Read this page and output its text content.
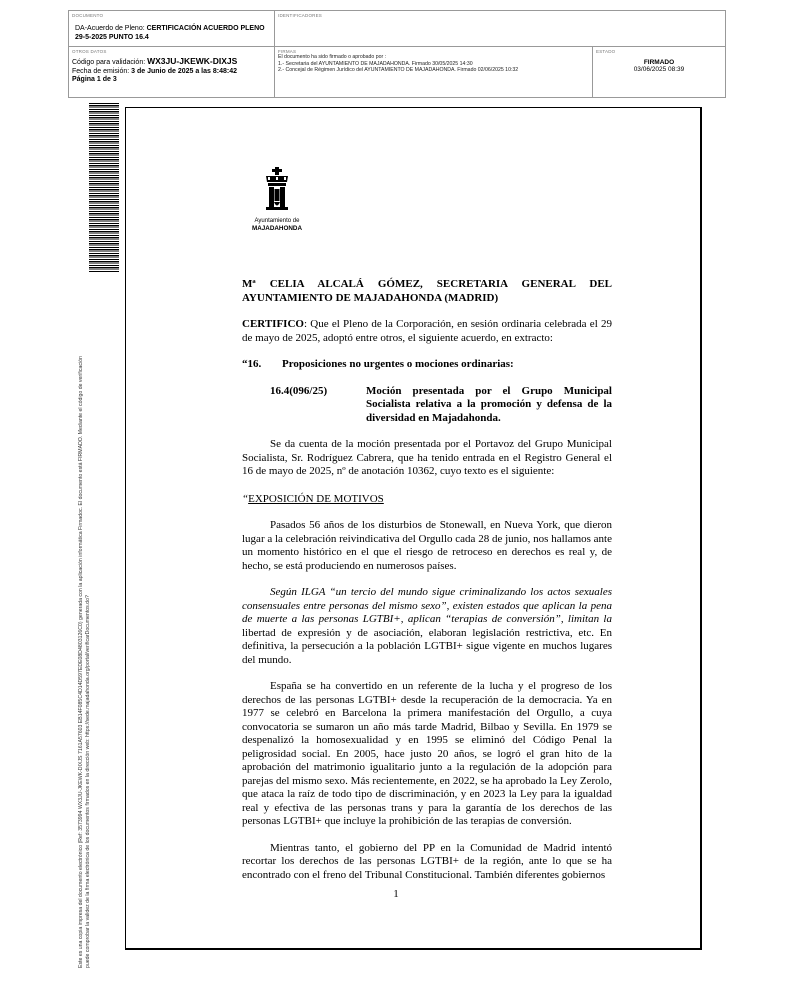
DOCUMENTO
DA-Acuerdo de Pleno: CERTIFICACIÓN ACUERDO PLENO 29-5-2025 PUNTO 16.4
IDENTIFICADORES
OTROS DATOS
Código para validación: WX3JU-JKEWK-DIXJS
Fecha de emisión: 3 de Junio de 2025 a las 8:48:42
Página 1 de 3
FIRMAS
El documento ha sido firmado o aprobado por :
1.- Secretaria del AYUNTAMIENTO DE MAJADAHONDA. Firmado 30/05/2025 14:30
2.- Concejal de Régimen Jurídico del AYUNTAMIENTO DE MAJADAHONDA. Firmado 02/06/2025 10:32
ESTADO
FIRMADO
03/06/2025 08:39
Este es una copia impresa del documento electrónico (Ref: 3573994 WX3JU-JKEWK-DIXJS 7161A57603 EB14F085C4D14D597EDE08D4803126C0) generada con la aplicación informática Firmadoc. El documento está FIRMADO. Mediante el código de verificación puede comprobar la validez de la firma electrónica de los documentos firmados en la dirección web: https://sede.majadahonda.org/portal/verificarDocumentos.do?
Ayuntamiento de
MAJADAHONDA

Mª CELIA ALCALÁ GÓMEZ, SECRETARIA GENERAL DEL AYUNTAMIENTO DE MAJADAHONDA (MADRID)

CERTIFICO: Que el Pleno de la Corporación, en sesión ordinaria celebrada el 29 de mayo de 2025, adoptó entre otros, el siguiente acuerdo, en extracto:

“16.	Proposiciones no urgentes o mociones ordinarias:
16.4(096/25)	Moción presentada por el Grupo Municipal Socialista relativa a la promoción y defensa de la diversidad en Majadahonda.

Se da cuenta de la moción presentada por el Portavoz del Grupo Municipal Socialista, Sr. Rodríguez Cabrera, que ha tenido entrada en el Registro General el 16 de mayo de 2025, nº de anotación 10362, cuyo texto es el siguiente:

“EXPOSICIÓN DE MOTIVOS

Pasados 56 años de los disturbios de Stonewall, en Nueva York, que dieron lugar a la celebración reivindicativa del Orgullo cada 28 de junio, nos hallamos ante un momento histórico en el que el riesgo de retroceso en derechos es real y, de hecho, se está produciendo en numerosos países.

Según ILGA “un tercio del mundo sigue criminalizando los actos sexuales consensuales entre personas del mismo sexo”, existen estados que aplican la pena de muerte a las personas LGTBI+, aplican “terapias de conversión”, limitan la libertad de expresión y de asociación, elaboran legislación restrictiva, etc. En definitiva, la persecución a la población LGTBI+ sigue vigente en muchos lugares del mundo.

España se ha convertido en un referente de la lucha y el progreso de los derechos de las personas LGTBI+ desde la recuperación de la democracia. Ya en 1977 se celebró en Barcelona la primera manifestación del Orgullo, a cuya convocatoria se sumaron un año más tarde Madrid, Bilbao y Sevilla. En 1979 se despenalizó la homosexualidad y en 1995 se eliminó del Código Penal la peligrosidad social. En 2005, hace justo 20 años, se logró el gran hito de la aprobación del matrimonio igualitario junto a la regulación de la adopción para parejas del mismo sexo. Más recientemente, en 2022, se ha aprobado la Ley Zerolo, que ataca la raíz de todo tipo de discriminación, y en 2023 la Ley para la igualdad real y efectiva de las personas trans y para la garantía de los derechos de las personas LGTBI+ que incluye la prohibición de las terapias de conversión.

Mientras tanto, el gobierno del PP en la Comunidad de Madrid intentó recortar los derechos de las personas LGTBI+ de la región, ante lo que se ha encontrado con el freno del Tribunal Constitucional. También diferentes gobiernos

1
